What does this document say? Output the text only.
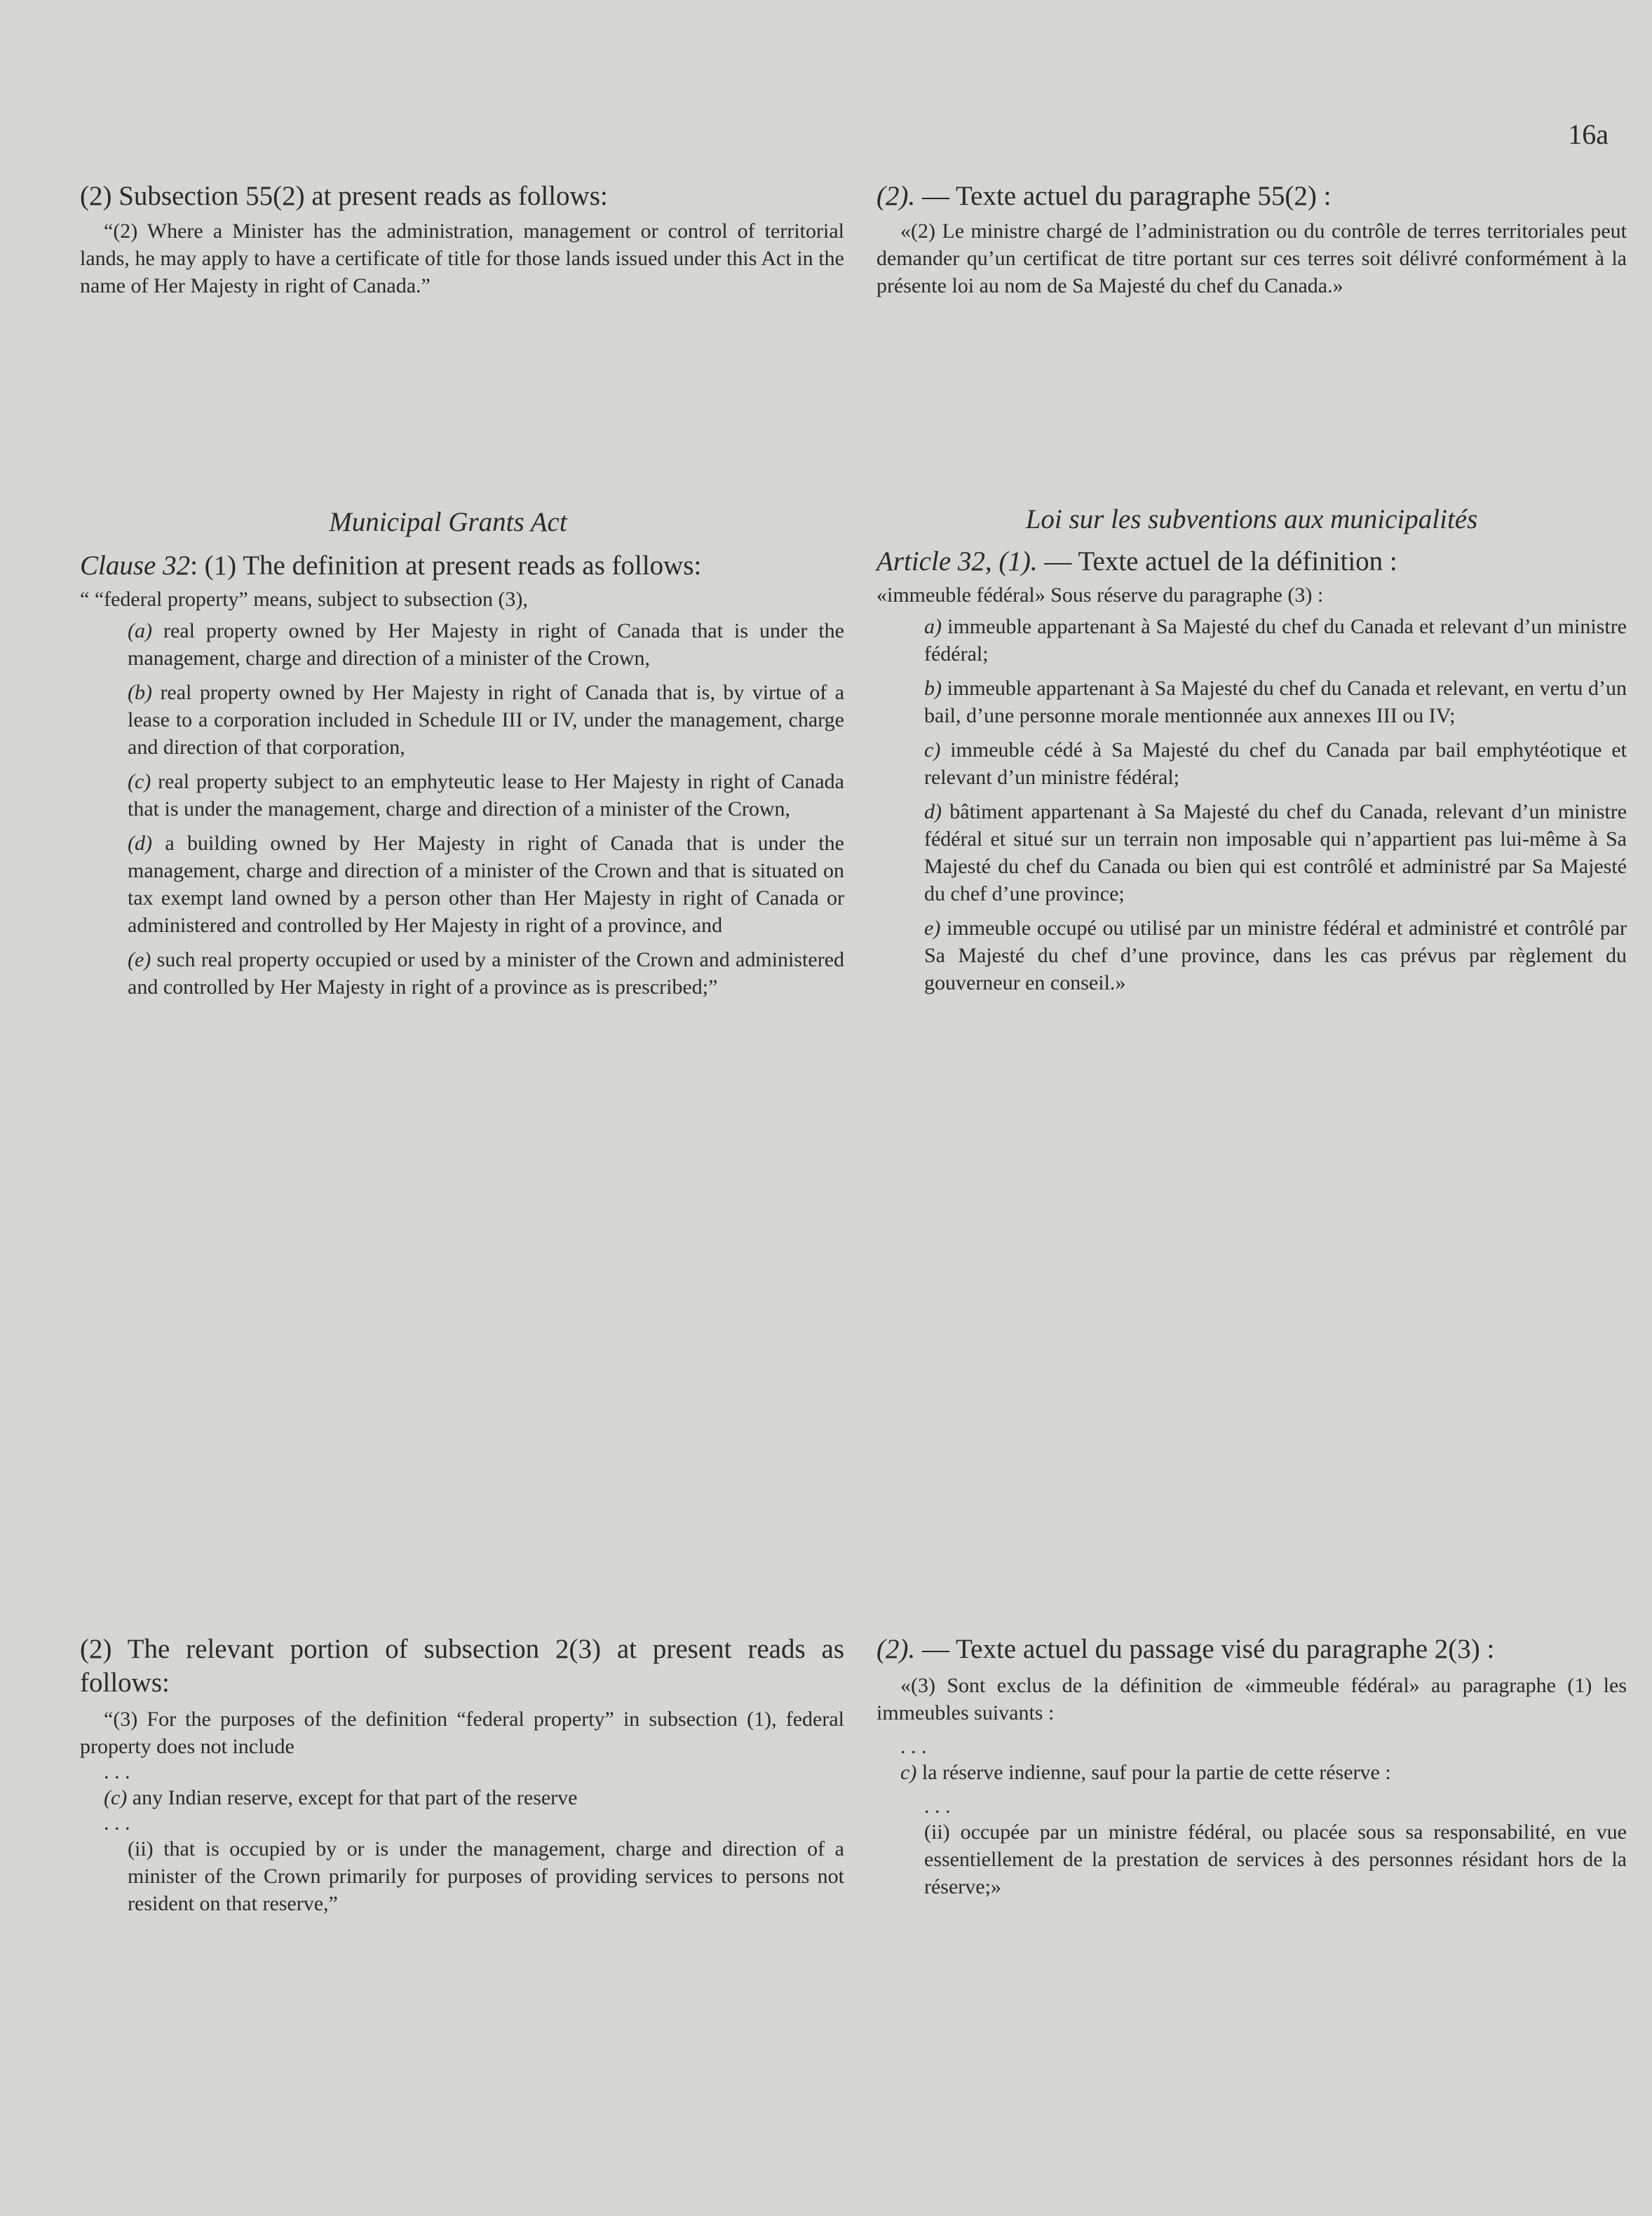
16a

(2) Subsection 55(2) at present reads as follows:

“(2) Where a Minister has the administration, management or control of territorial lands, he may apply to have a certificate of title for those lands issued under this Act in the name of Her Majesty in right of Canada.”

Municipal Grants Act

Clause 32: (1) The definition at present reads as follows:

“ “federal property” means, subject to subsection (3),

(a) real property owned by Her Majesty in right of Canada that is under the management, charge and direction of a minister of the Crown,
(b) real property owned by Her Majesty in right of Canada that is, by virtue of a lease to a corporation included in Schedule III or IV, under the management, charge and direction of that corporation,
(c) real property subject to an emphyteutic lease to Her Majesty in right of Canada that is under the management, charge and direction of a minister of the Crown,
(d) a building owned by Her Majesty in right of Canada that is under the management, charge and direction of a minister of the Crown and that is situated on tax exempt land owned by a person other than Her Majesty in right of Canada or administered and controlled by Her Majesty in right of a province, and
(e) such real property occupied or used by a minister of the Crown and administered and controlled by Her Majesty in right of a province as is prescribed;”

(2) The relevant portion of subsection 2(3) at present reads as follows:

“(3) For the purposes of the definition “federal property” in subsection (1), federal property does not include

. . .

(c) any Indian reserve, except for that part of the reserve

. . .

(ii) that is occupied by or is under the management, charge and direction of a minister of the Crown primarily for purposes of providing services to persons not resident on that reserve,”

(2). — Texte actuel du paragraphe 55(2) :

«(2) Le ministre chargé de l’administration ou du contrôle de terres territoriales peut demander qu’un certificat de titre portant sur ces terres soit délivré conformément à la présente loi au nom de Sa Majesté du chef du Canada.»

Loi sur les subventions aux municipalités

Article 32, (1). — Texte actuel de la définition :

«immeuble fédéral» Sous réserve du paragraphe (3) :

a) immeuble appartenant à Sa Majesté du chef du Canada et relevant d’un ministre fédéral;
b) immeuble appartenant à Sa Majesté du chef du Canada et relevant, en vertu d’un bail, d’une personne morale mentionnée aux annexes III ou IV;
c) immeuble cédé à Sa Majesté du chef du Canada par bail emphytéotique et relevant d’un ministre fédéral;
d) bâtiment appartenant à Sa Majesté du chef du Canada, relevant d’un ministre fédéral et situé sur un terrain non imposable qui n’appartient pas lui-même à Sa Majesté du chef du Canada ou bien qui est contrôlé et administré par Sa Majesté du chef d’une province;
e) immeuble occupé ou utilisé par un ministre fédéral et administré et contrôlé par Sa Majesté du chef d’une province, dans les cas prévus par règlement du gouverneur en conseil.»

(2). — Texte actuel du passage visé du paragraphe 2(3) :

«(3) Sont exclus de la définition de «immeuble fédéral» au paragraphe (1) les immeubles suivants :

. . .

c) la réserve indienne, sauf pour la partie de cette réserve :

. . .

(ii) occupée par un ministre fédéral, ou placée sous sa responsabilité, en vue essentiellement de la prestation de services à des personnes résidant hors de la réserve;»
